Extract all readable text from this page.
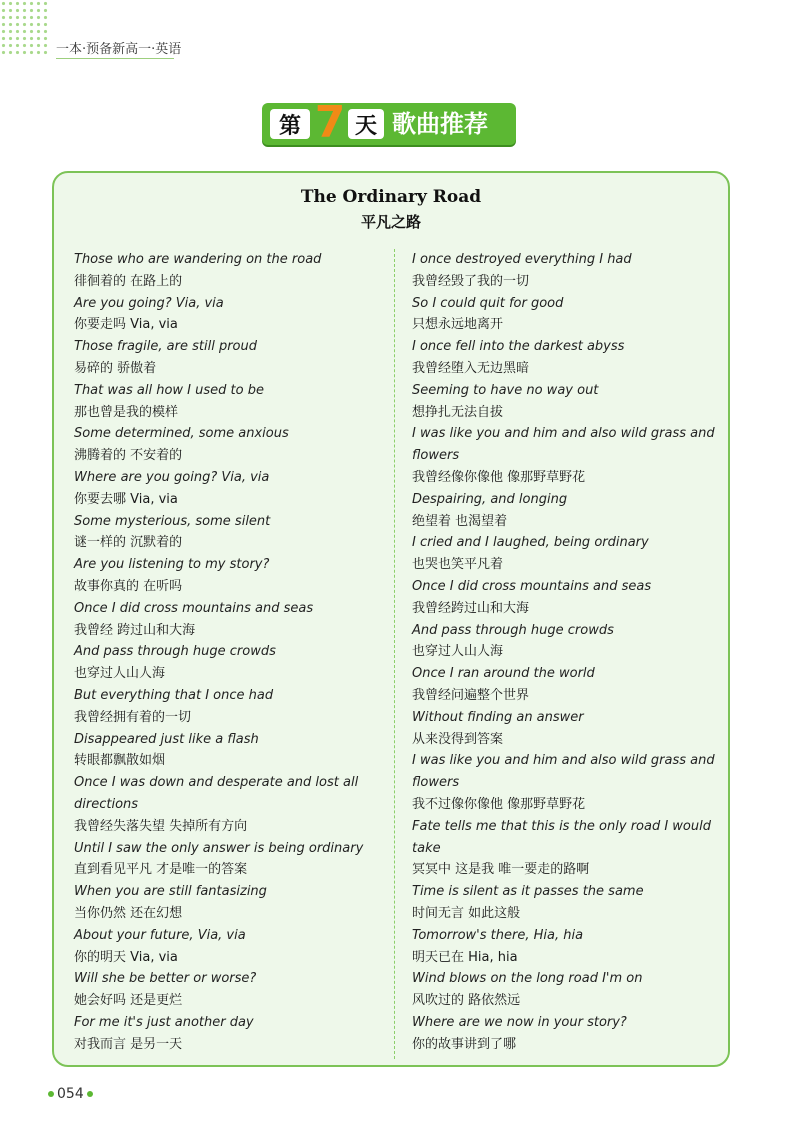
一本·预备新高一·英语
第 7 天 歌曲推荐
The Ordinary Road
平凡之路
Those who are wandering on the road
徘徊着的 在路上的
Are you going? Via, via
你要走吗 Via, via
Those fragile, are still proud
易碎的 骄傲着
That was all how I used to be
那也曾是我的模样
Some determined, some anxious
沸腾着的 不安着的
Where are you going? Via, via
你要去哪 Via, via
Some mysterious, some silent
谜一样的 沉默着的
Are you listening to my story?
故事你真的 在听吗
Once I did cross mountains and seas
我曾经 跨过山和大海
And pass through huge crowds
也穿过人山人海
But everything that I once had
我曾经拥有着的一切
Disappeared just like a flash
转眼都飘散如烟
Once I was down and desperate and lost all directions
我曾经失落失望 失掉所有方向
Until I saw the only answer is being ordinary
直到看见平凡 才是唯一的答案
When you are still fantasizing
当你仍然 还在幻想
About your future, Via, via
你的明天 Via, via
Will she be better or worse?
她会好吗 还是更烂
For me it's just another day
对我而言 是另一天
I once destroyed everything I had
我曾经毁了我的一切
So I could quit for good
只想永远地离开
I once fell into the darkest abyss
我曾经堕入无边黑暗
Seeming to have no way out
想挣扎无法自拔
I was like you and him and also wild grass and flowers
我曾经像你像他 像那野草野花
Despairing, and longing
绝望着 也渴望着
I cried and I laughed, being ordinary
也哭也笑平凡着
Once I did cross mountains and seas
我曾经跨过山和大海
And pass through huge crowds
也穿过人山人海
Once I ran around the world
我曾经问遍整个世界
Without finding an answer
从来没得到答案
I was like you and him and also wild grass and flowers
我不过像你像他 像那野草野花
Fate tells me that this is the only road I would take
冥冥中 这是我 唯一要走的路啊
Time is silent as it passes the same
时间无言 如此这般
Tomorrow's there, Hia, hia
明天已在 Hia, hia
Wind blows on the long road I'm on
风吹过的 路依然远
Where are we now in your story?
你的故事讲到了哪
054
